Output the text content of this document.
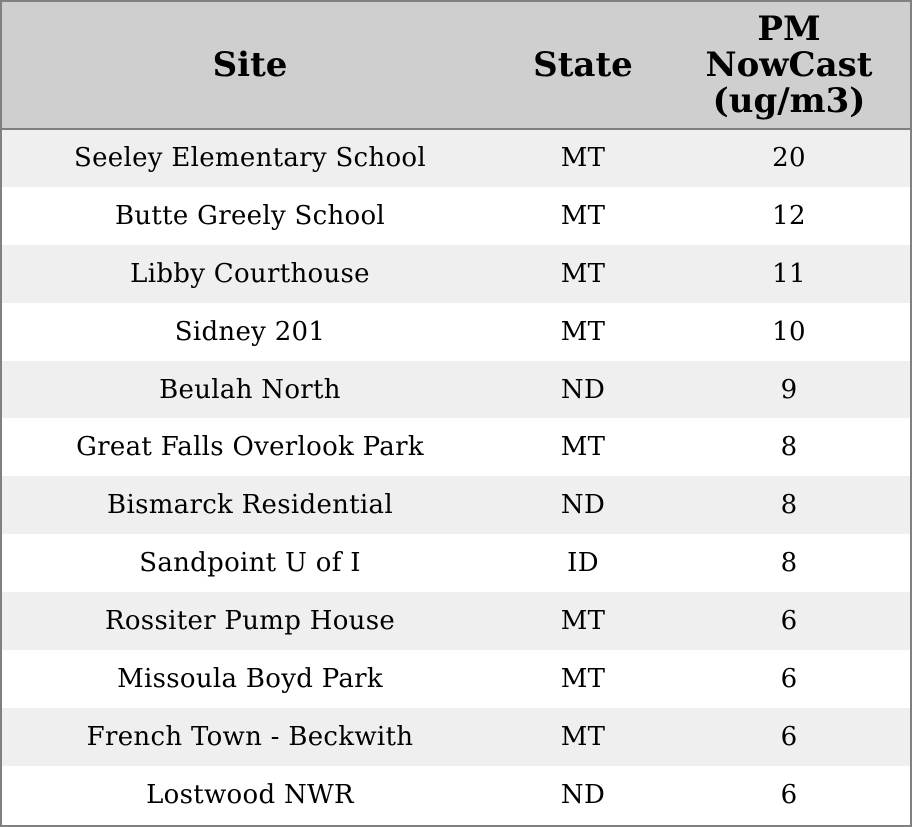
Site	State	PM
NowCast
(ug/m3)

Seeley Elementary School	MT	20
Butte Greely School	MT	12
Libby Courthouse	MT	11
Sidney 201	MT	10
Beulah North	ND	9
Great Falls Overlook Park	MT	8
Bismarck Residential	ND	8
Sandpoint U of I	ID	8
Rossiter Pump House	MT	6
Missoula Boyd Park	MT	6
French Town - Beckwith	MT	6
Lostwood NWR	ND	6
